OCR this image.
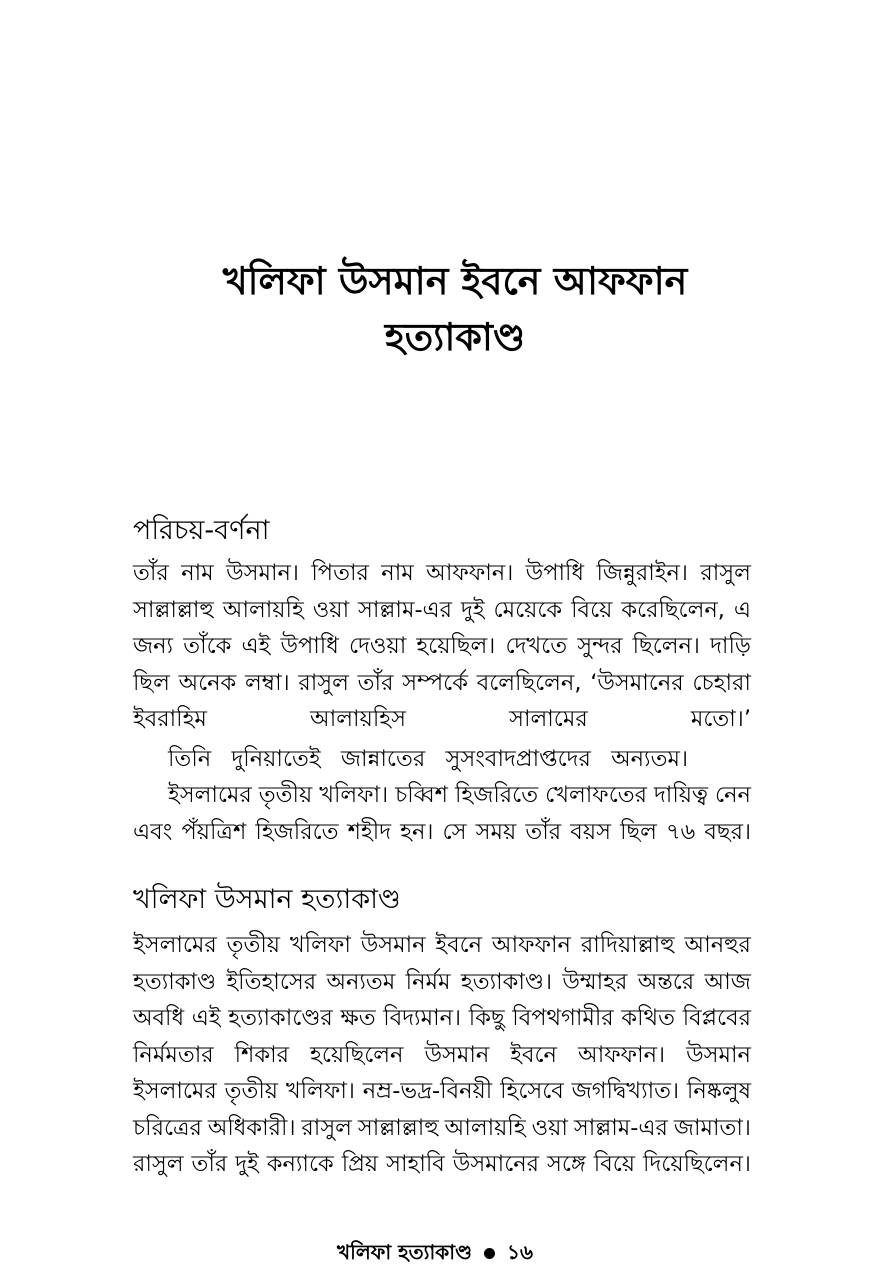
খলিফা উসমান ইবনে আফফান
হত্যাকাণ্ড
পরিচয়-বর্ণনা
তাঁর নাম উসমান। পিতার নাম আফফান। উপাধি জিন্নুরাইন। রাসুল
সাল্লাল্লাহু আলায়হি ওয়া সাল্লাম-এর দুই মেয়েকে বিয়ে করেছিলেন, এ
জন্য তাঁকে এই উপাধি দেওয়া হয়েছিল। দেখতে সুন্দর ছিলেন। দাড়ি
ছিল অনেক লম্বা। রাসুল তাঁর সম্পর্কে বলেছিলেন, ‘উসমানের চেহারা
ইবরাহিম আলায়হিস সালামের মতো।’
তিনি দুনিয়াতেই জান্নাতের সুসংবাদপ্রাপ্তদের অন্যতম।
ইসলামের তৃতীয় খলিফা। চব্বিশ হিজরিতে খেলাফতের দায়িত্ব নেন
এবং পঁয়ত্রিশ হিজরিতে শহীদ হন। সে সময় তাঁর বয়স ছিল ৭৬ বছর।
খলিফা উসমান হত্যাকাণ্ড
ইসলামের তৃতীয় খলিফা উসমান ইবনে আফফান রাদিয়াল্লাহু আনহুর
হত্যাকাণ্ড ইতিহাসের অন্যতম নির্মম হত্যাকাণ্ড। উম্মাহর অন্তরে আজ
অবধি এই হত্যাকাণ্ডের ক্ষত বিদ্যমান। কিছু বিপথগামীর কথিত বিপ্লবের
নির্মমতার শিকার হয়েছিলেন উসমান ইবনে আফফান। উসমান
ইসলামের তৃতীয় খলিফা। নম্র-ভদ্র-বিনয়ী হিসেবে জগদ্বিখ্যাত। নিষ্কলুষ
চরিত্রের অধিকারী। রাসুল সাল্লাল্লাহু আলায়হি ওয়া সাল্লাম-এর জামাতা।
রাসুল তাঁর দুই কন্যাকে প্রিয় সাহাবি উসমানের সঙ্গে বিয়ে দিয়েছিলেন।
খলিফা হত্যাকাণ্ড ১৬
